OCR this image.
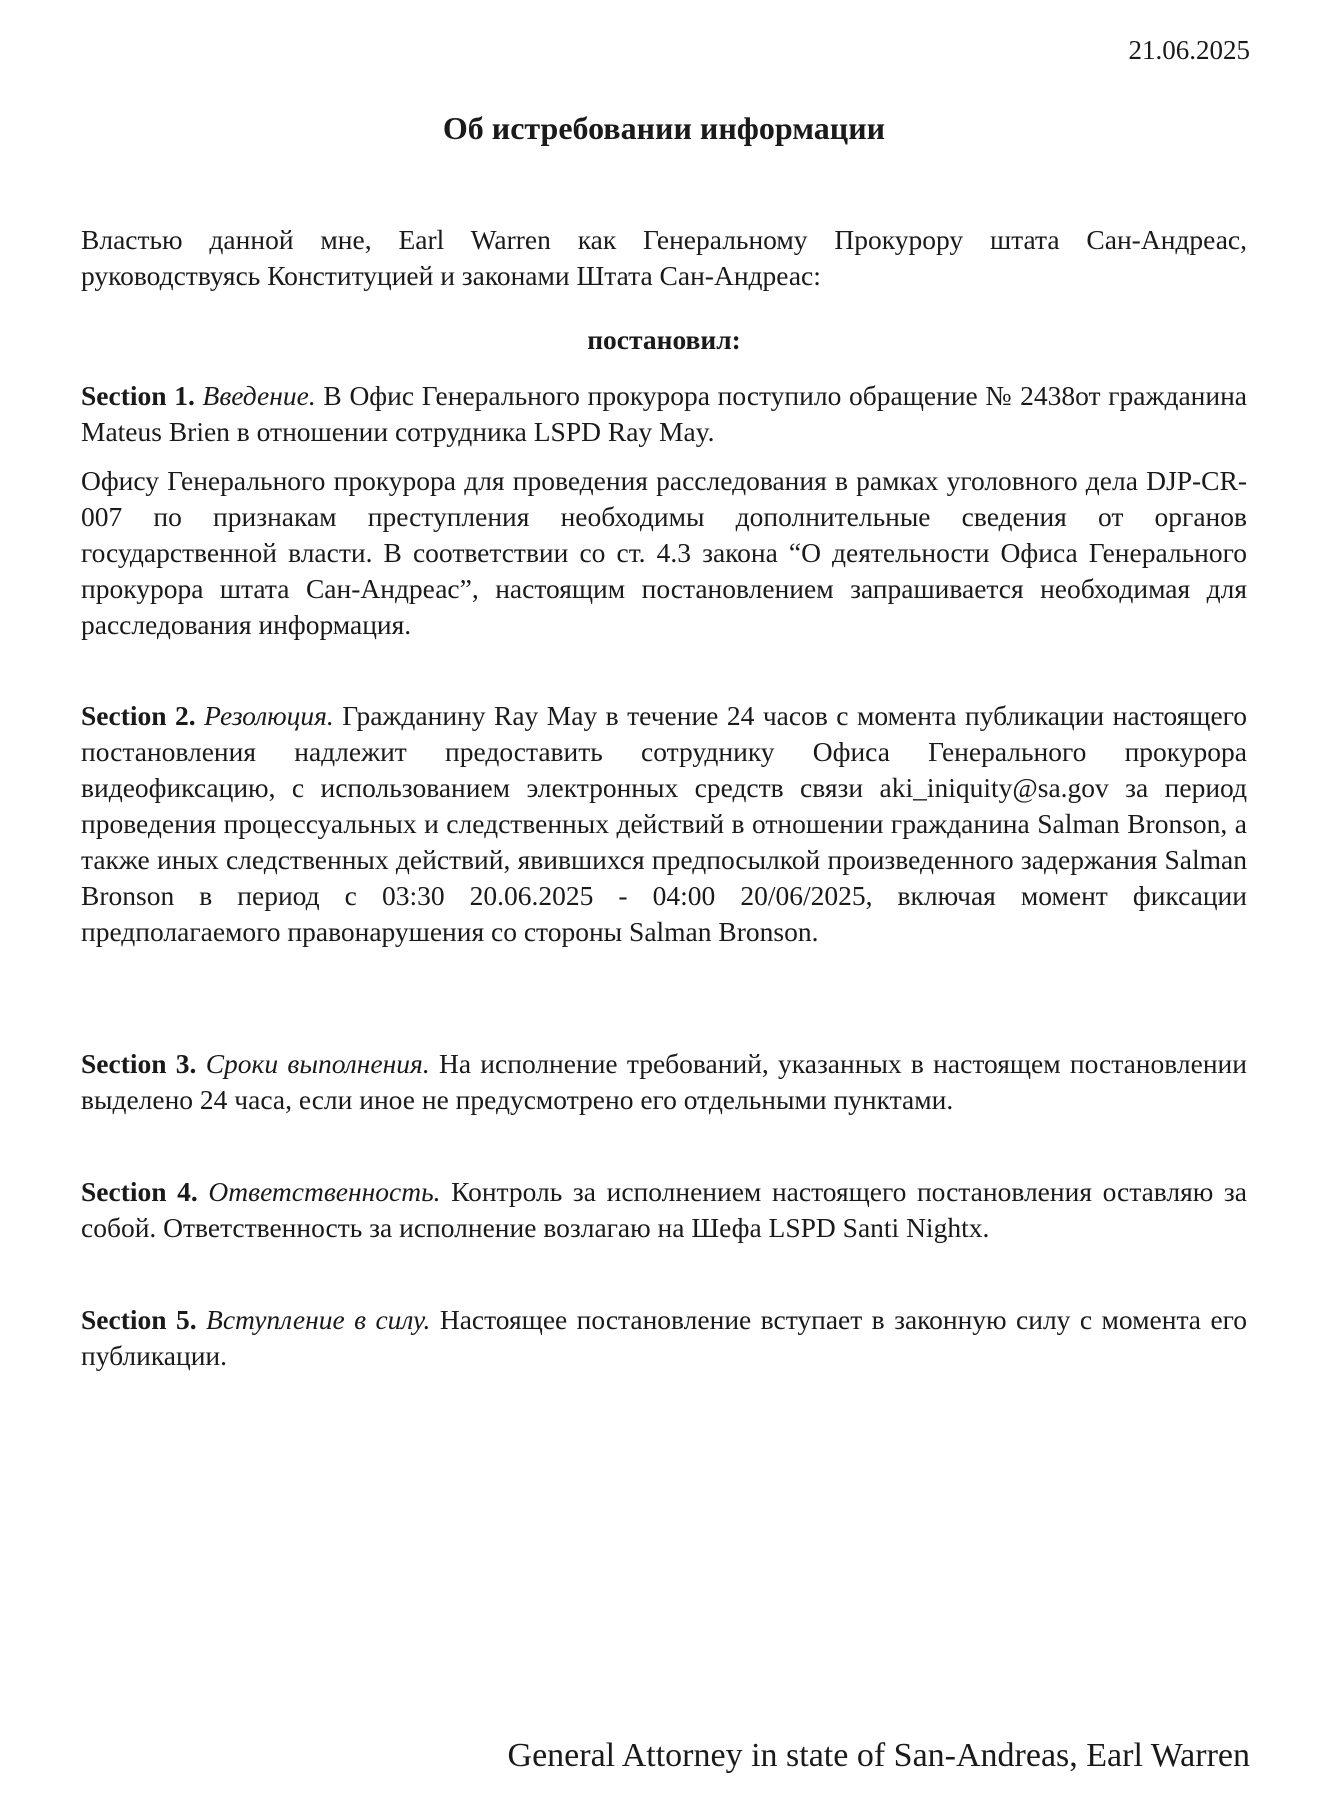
21.06.2025
Об истребовании информации

Властью данной мне, Earl Warren как Генеральному Прокурору штата Сан-Андреас, руководствуясь Конституцией и законами Штата Сан-Андреас:

постановил:

Section 1. Введение. В Офис Генерального прокурора поступило обращение № 2438от гражданина Mateus Brien в отношении сотрудника LSPD Ray May.

Офису Генерального прокурора для проведения расследования в рамках уголовного дела DJP-CR-007 по признакам преступления необходимы дополнительные сведения от органов государственной власти. В соответствии со ст. 4.3 закона “О деятельности Офиса Генерального прокурора штата Сан-Андреас”, настоящим постановлением запрашивается необходимая для расследования информация.

Section 2. Резолюция. Гражданину Ray May в течение 24 часов с момента публикации настоящего постановления надлежит предоставить сотруднику Офиса Генерального прокурора видеофиксацию, с использованием электронных средств связи aki_iniquity@sa.gov за период проведения процессуальных и следственных действий в отношении гражданина Salman Bronson, а также иных следственных действий, явившихся предпосылкой произведенного задержания Salman Bronson в период с 03:30 20.06.2025 - 04:00 20/06/2025, включая момент фиксации предполагаемого правонарушения со стороны Salman Bronson.

Section 3. Сроки выполнения. На исполнение требований, указанных в настоящем постановлении выделено 24 часа, если иное не предусмотрено его отдельными пунктами.

Section 4. Ответственность. Контроль за исполнением настоящего постановления оставляю за собой. Ответственность за исполнение возлагаю на Шефа LSPD Santi Nightx.

Section 5. Вступление в силу. Настоящее постановление вступает в законную силу с момента его публикации.

General Attorney in state of San-Andreas, Earl Warren
